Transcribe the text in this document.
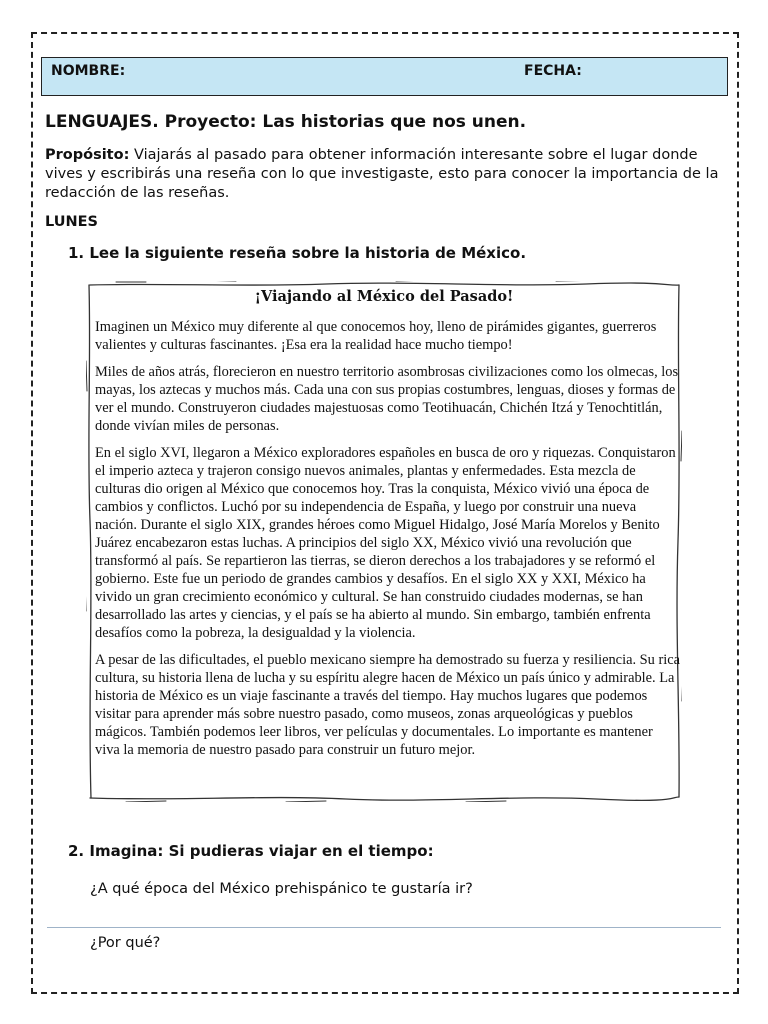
NOMBRE:	FECHA:
LENGUAJES. Proyecto: Las historias que nos unen.

Propósito: Viajarás al pasado para obtener información interesante sobre el lugar donde vives y escribirás una reseña con lo que investigaste, esto para conocer la importancia de la redacción de las reseñas.

LUNES

1. Lee la siguiente reseña sobre la historia de México.

¡Viajando al México del Pasado!

Imaginen un México muy diferente al que conocemos hoy, lleno de pirámides gigantes, guerreros valientes y culturas fascinantes. ¡Esa era la realidad hace mucho tiempo!

Miles de años atrás, florecieron en nuestro territorio asombrosas civilizaciones como los olmecas, los mayas, los aztecas y muchos más. Cada una con sus propias costumbres, lenguas, dioses y formas de ver el mundo. Construyeron ciudades majestuosas como Teotihuacán, Chichén Itzá y Tenochtitlán, donde vivían miles de personas.

En el siglo XVI, llegaron a México exploradores españoles en busca de oro y riquezas. Conquistaron el imperio azteca y trajeron consigo nuevos animales, plantas y enfermedades. Esta mezcla de culturas dio origen al México que conocemos hoy. Tras la conquista, México vivió una época de cambios y conflictos. Luchó por su independencia de España, y luego por construir una nueva nación. Durante el siglo XIX, grandes héroes como Miguel Hidalgo, José María Morelos y Benito Juárez encabezaron estas luchas. A principios del siglo XX, México vivió una revolución que transformó al país. Se repartieron las tierras, se dieron derechos a los trabajadores y se reformó el gobierno. Este fue un periodo de grandes cambios y desafíos. En el siglo XX y XXI, México ha vivido un gran crecimiento económico y cultural. Se han construido ciudades modernas, se han desarrollado las artes y ciencias, y el país se ha abierto al mundo. Sin embargo, también enfrenta desafíos como la pobreza, la desigualdad y la violencia.

A pesar de las dificultades, el pueblo mexicano siempre ha demostrado su fuerza y resiliencia. Su rica cultura, su historia llena de lucha y su espíritu alegre hacen de México un país único y admirable. La historia de México es un viaje fascinante a través del tiempo. Hay muchos lugares que podemos visitar para aprender más sobre nuestro pasado, como museos, zonas arqueológicas y pueblos mágicos. También podemos leer libros, ver películas y documentales. Lo importante es mantener viva la memoria de nuestro pasado para construir un futuro mejor.

2. Imagina: Si pudieras viajar en el tiempo:

¿A qué época del México prehispánico te gustaría ir?

¿Por qué?
